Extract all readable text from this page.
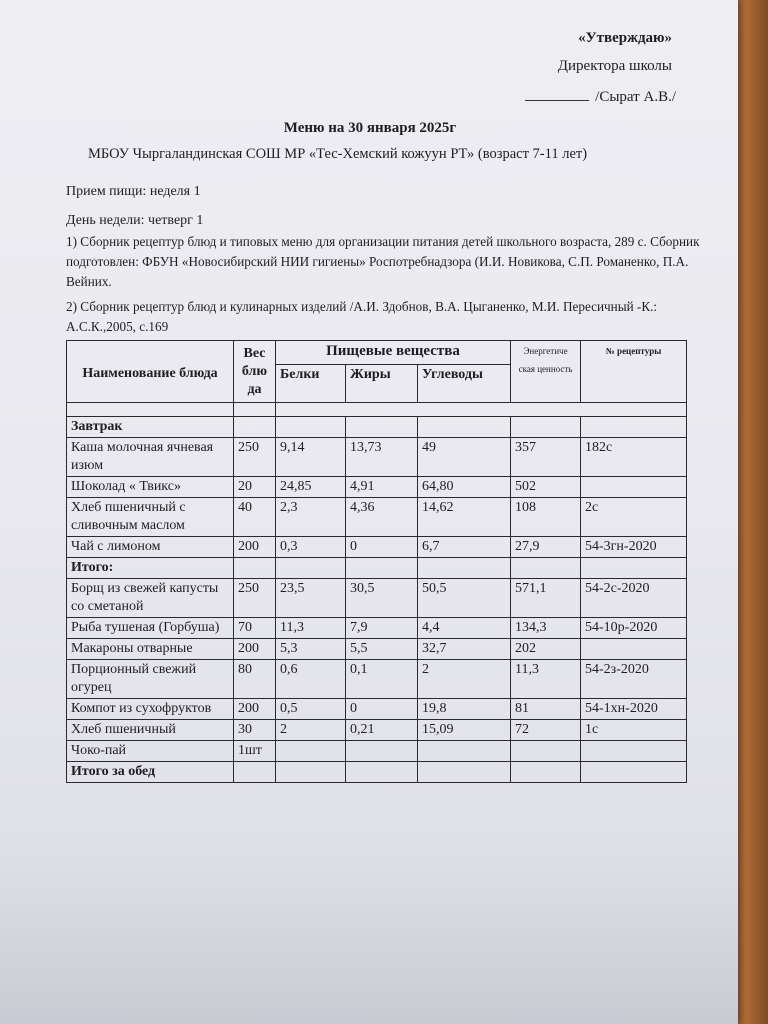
«Утверждаю»
Директора школы
/Сырат А.В./
Меню на 30 января 2025г
МБОУ Чыргаландинская СОШ МР «Тес-Хемский кожуун РТ» (возраст 7-11 лет)
Прием пищи: неделя 1
День недели: четверг 1
1) Сборник рецептур блюд и типовых меню для организации питания детей школьного возраста, 289 с. Сборник подготовлен: ФБУН «Новосибирский НИИ гигиены» Роспотребнадзора (И.И. Новикова, С.П. Романенко, П.А. Вейних.
2) Сборник рецептур блюд и кулинарных изделий /А.И. Здобнов, В.А. Цыганенко, М.И. Пересичный -К.: А.С.К.,2005, с.169
Наименование блюда	Вес блю да	Пищевые вещества			Энергетиче ская ценность	№ рецептуры
		Белки	Жиры	Углеводы		

Завтрак						
Каша молочная ячневая изюм	250	9,14	13,73	49	357	182с
Шоколад « Твикс»	20	24,85	4,91	64,80	502	
Хлеб пшеничный с сливочным маслом	40	2,3	4,36	14,62	108	2с
Чай с лимоном	200	0,3	0	6,7	27,9	54-3гн-2020
Итого:						
Борщ из свежей капусты со сметаной	250	23,5	30,5	50,5	571,1	54-2с-2020
Рыба тушеная (Горбуша)	70	11,3	7,9	4,4	134,3	54-10р-2020
Макароны отварные	200	5,3	5,5	32,7	202	
Порционный свежий огурец	80	0,6	0,1	2	11,3	54-2з-2020
Компот из сухофруктов	200	0,5	0	19,8	81	54-1хн-2020
Хлеб пшеничный	30	2	0,21	15,09	72	1с
Чоко-пай	1шт					
Итого за обед						
